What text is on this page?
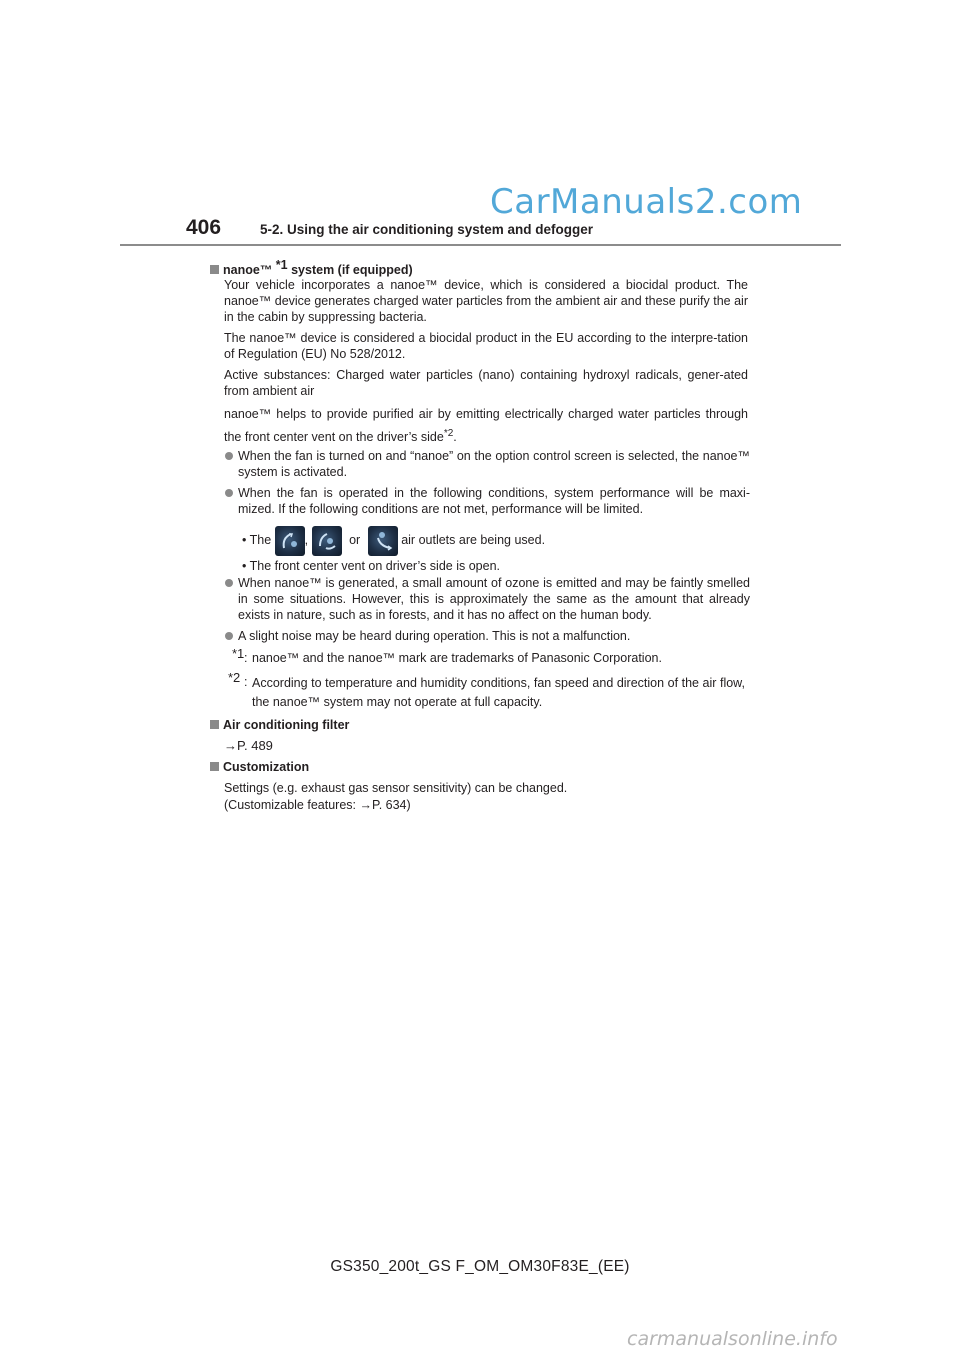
CarManuals2.com
406	5-2. Using the air conditioning system and defogger
nanoe™ $^{*1}$ system (if equipped)
Your vehicle incorporates a nanoe™ device, which is considered a biocidal product. The nanoe™ device generates charged water particles from the ambient air and these purify the air in the cabin by suppressing bacteria.
The nanoe™ device is considered a biocidal product in the EU according to the interpre-tation of Regulation (EU) No 528/2012.
Active substances: Charged water particles (nano) containing hydroxyl radicals, gener-ated from ambient air
nanoe™ helps to provide purified air by emitting electrically charged water particles through the front center vent on the driver’s side$^{*2}$.
When the fan is turned on and “nanoe” on the option control screen is selected, the nanoe™ system is activated.
When the fan is operated in the following conditions, system performance will be maxi-mized. If the following conditions are not met, performance will be limited.
• The	,	or	air outlets are being used.
• The front center vent on driver’s side is open.
When nanoe™ is generated, a small amount of ozone is emitted and may be faintly smelled in some situations. However, this is approximately the same as the amount that already exists in nature, such as in forests, and it has no affect on the human body.
A slight noise may be heard during operation. This is not a malfunction.
*1 : nanoe™ and the nanoe™ mark are trademarks of Panasonic Corporation.
*2 : According to temperature and humidity conditions, fan speed and direction of the air flow, the nanoe™ system may not operate at full capacity.
Air conditioning filter
→P. 489
Customization
Settings (e.g. exhaust gas sensor sensitivity) can be changed.
(Customizable features: →P. 634)
GS350_200t_GS F_OM_OM30F83E_(EE)
carmanualsonline.info
